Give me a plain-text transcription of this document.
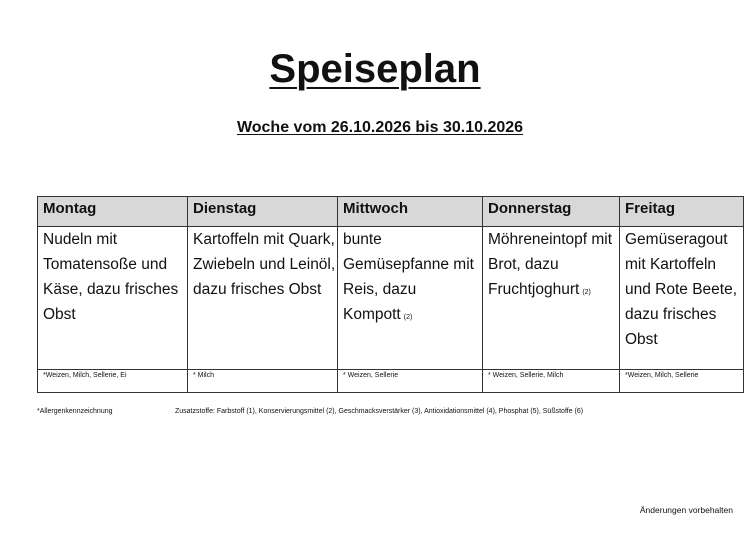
Speiseplan
Woche vom 26.10.2026 bis 30.10.2026
Montag	Dienstag	Mittwoch	Donnerstag	Freitag
Nudeln mit Tomatensoße und Käse, dazu frisches Obst	Kartoffeln mit Quark, Zwiebeln und Leinöl, dazu frisches Obst	bunte Gemüsepfanne mit Reis, dazu Kompott (2)	Möhreneintopf mit Brot, dazu Fruchtjoghurt (2)	Gemüseragout mit Kartoffeln und Rote Beete, dazu frisches Obst
*Weizen, Milch, Sellerie, Ei	* Milch	* Weizen, Sellerie	* Weizen, Sellerie, Milch	*Weizen, Milch, Sellerie
*Allergenkennzeichnung	Zusatzstoffe: Farbstoff (1), Konservierungsmittel (2), Geschmacksverstärker (3), Antioxidationsmittel (4), Phosphat (5), Süßstoffe (6)
Änderungen vorbehalten
